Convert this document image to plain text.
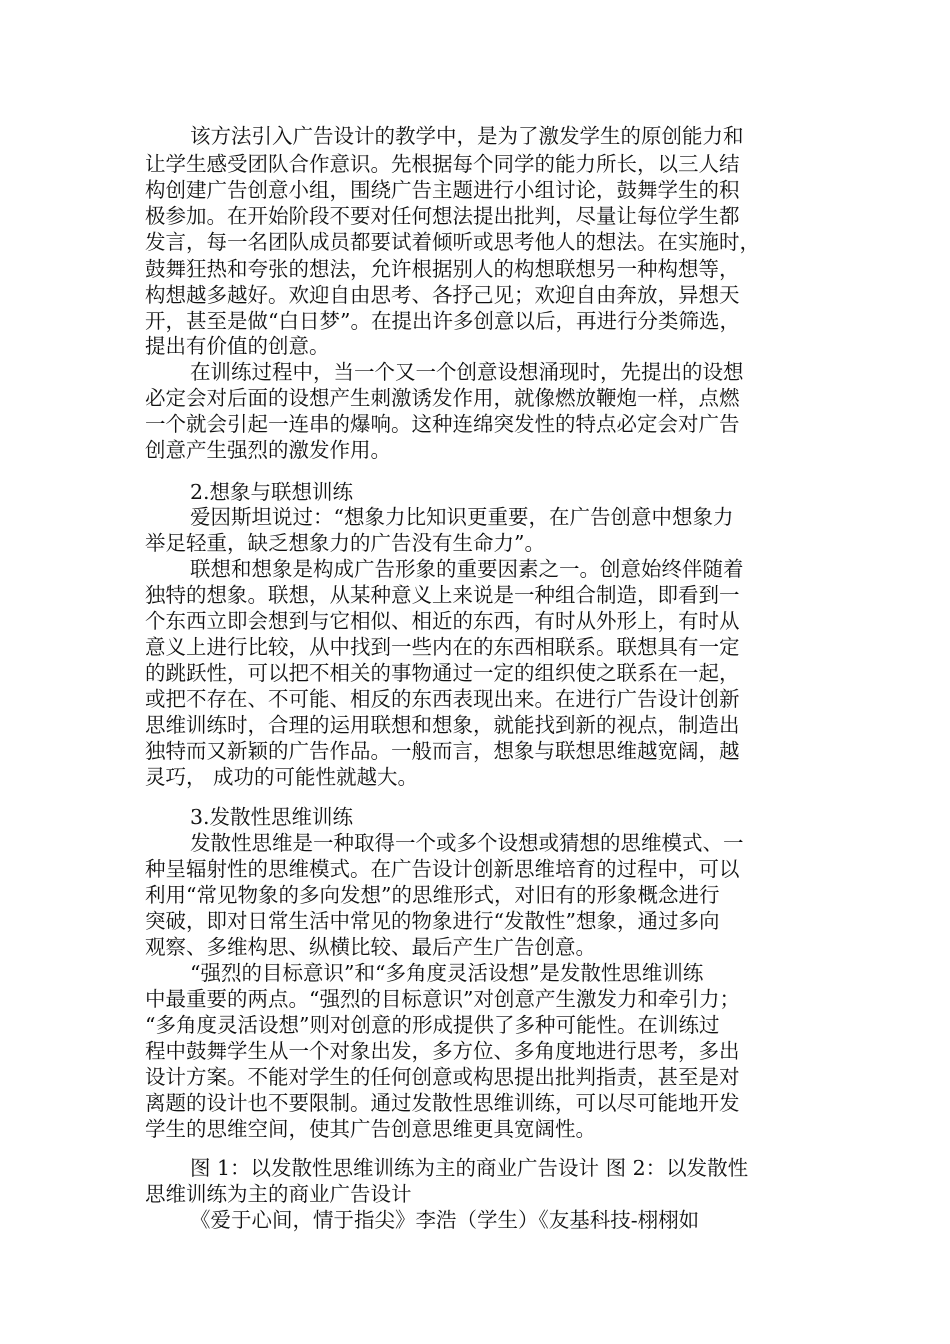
该方法引入广告设计的教学中，是为了激发学生的原创能力和
让学生感受团队合作意识。先根据每个同学的能力所长，以三人结
构创建广告创意小组，围绕广告主题进行小组讨论，鼓舞学生的积
极参加。在开始阶段不要对任何想法提出批判，尽量让每位学生都
发言，每一名团队成员都要试着倾听或思考他人的想法。在实施时，
鼓舞狂热和夸张的想法，允许根据别人的构想联想另一种构想等，
构想越多越好。欢迎自由思考、各抒己见；欢迎自由奔放，异想天
开，甚至是做“白日梦”。在提出许多创意以后，再进行分类筛选，
提出有价值的创意。
在训练过程中，当一个又一个创意设想涌现时，先提出的设想
必定会对后面的设想产生刺激诱发作用，就像燃放鞭炮一样，点燃
一个就会引起一连串的爆响。这种连绵突发性的特点必定会对广告
创意产生强烈的激发作用。
2.想象与联想训练
爱因斯坦说过：“想象力比知识更重要，在广告创意中想象力
举足轻重，缺乏想象力的广告没有生命力”。
联想和想象是构成广告形象的重要因素之一。创意始终伴随着
独特的想象。联想，从某种意义上来说是一种组合制造，即看到一
个东西立即会想到与它相似、相近的东西，有时从外形上，有时从
意义上进行比较，从中找到一些内在的东西相联系。联想具有一定
的跳跃性，可以把不相关的事物通过一定的组织使之联系在一起，
或把不存在、不可能、相反的东西表现出来。在进行广告设计创新
思维训练时，合理的运用联想和想象，就能找到新的视点，制造出
独特而又新颖的广告作品。一般而言，想象与联想思维越宽阔，越
灵巧， 成功的可能性就越大。
3.发散性思维训练
发散性思维是一种取得一个或多个设想或猜想的思维模式、一
种呈辐射性的思维模式。在广告设计创新思维培育的过程中，可以
利用“常见物象的多向发想”的思维形式，对旧有的形象概念进行
突破，即对日常生活中常见的物象进行“发散性”想象，通过多向
观察、多维构思、纵横比较、最后产生广告创意。
“强烈的目标意识”和“多角度灵活设想”是发散性思维训练
中最重要的两点。“强烈的目标意识”对创意产生激发力和牵引力；
“多角度灵活设想”则对创意的形成提供了多种可能性。在训练过
程中鼓舞学生从一个对象出发，多方位、多角度地进行思考，多出
设计方案。不能对学生的任何创意或构思提出批判指责，甚至是对
离题的设计也不要限制。通过发散性思维训练，可以尽可能地开发
学生的思维空间，使其广告创意思维更具宽阔性。
图 1：以发散性思维训练为主的商业广告设计 图 2：以发散性
思维训练为主的商业广告设计
《爱于心间，情于指尖》李浩（学生）《友基科技-栩栩如
